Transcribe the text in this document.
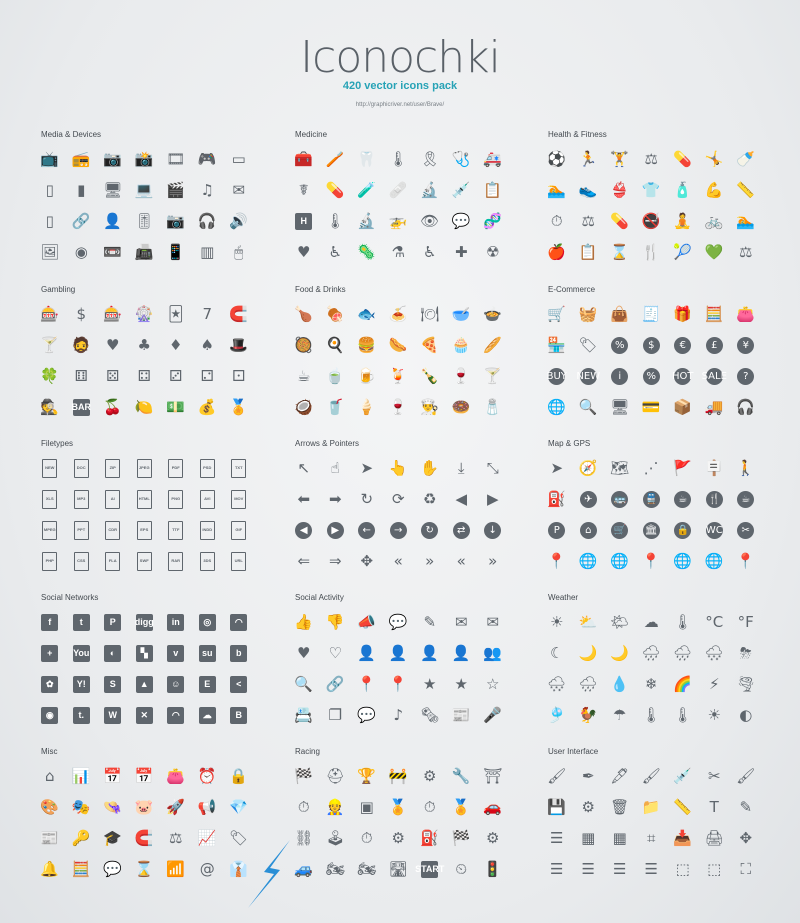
Iconochki
420 vector icons pack
http://graphicriver.net/user/Brave/
Media & Devices
📺 📻 📷 📸 🎞 🎮 ▭
▯ ▮ 🖥 💻 🎬 ♫ ✉
▯ 🔗 👤 🎚 📷 🎧 🔊
🖼 ◉ 📼 📠 📱 ▥ 🖱
Medicine
🧰 🪥 🦷 🌡 🎗 🩺 🚑
☤ 💊 🧪 🩹 🔬 💉 📋
H	🌡 🔬 🚁 👁 💬 🧬
♥ ♿ 🦠 ⚗ ♿ ✚ ☢
Health & Fitness
⚽ 🏃 🏋 ⚖ 💊 🤸 🍼
🏊 👟 👙 👕 🧴 💪 📏
⏱ ⚖ 💊 🚭 🧘 🚲 🏊
🍎 📋 ⌛ 🍴 🎾 💚 ⚖
Gambling
🎰 $ 🎰 🎡 🃏 7 🧲
🍸 🧔 ♥ ♣ ♦ ♠ 🎩
🍀 ⚅ ⚄ ⚃ ⚂ ⚁ ⚀
🕵 BAR 🍒 🍋 💵 💰 🏅
Food & Drinks
🍗 🍖 🐟 🍝 🍽 🥣 🍲
🥘 🍳 🍔 🌭 🍕 🧁 🥖
☕ 🍵 🍺 🍹 🍾 🍷 🍸
🥥 🥤 🍦 🍷 👨‍🍳 🍩 🧂
E-Commerce
🛒 🧺 👜 🧾 🎁 🧮 👛
🏪 🏷	%	$	€	£	¥
BUY NEW	i	%	HOT SALE	?
🌐 🔍 🖥 💳 📦 🚚 🎧
Filetypes
NEW	DOC	ZIP	JPEG	PDF	PSD	TXT
XLS	MP3	AI	HTML	PNG	AVI	MOV
MPEG	PPT	CDR	EPS	TTF	INDD	GIF
PHP	CSS	FLA	SWF	RAR	3DS	URL
Arrows & Pointers
↖ ☝ ➤ 👆 ✋	⤓	⤡
⬅ ➡ ↻ ⟳ ♻ ◀ ▶
◀	▶	←	→	↻	⇄	↓
⇐ ⇒ ✥ « » « »
Map & GPS
➤ 🧭 🗺 ⋰ 🚩 🪧 🚶
⛽	✈	🚌 🚆	☕	🍴	☕
P	⌂	🛒 🏛 🔒 WC	✂
📍 🌐 🌐 📍 🌐 🌐 📍
Social Networks
f	t	P	digg	in	◎	◠
+	You	◐	▚	v	su	b
✿	Y!	S	▲	☺	E	<
◉	t.	W	✕	◠	☁	B
Social Activity
👍 👎 📣 💬 ✎ ✉ ✉
♥ ♡ 👤 👤 👤 👤 👥
🔍 🔗 📍 📍 ★ ★ ☆
📇 ❐ 💬 ♪ 🗞 📰 🎤
Weather
☀ ⛅ 🌤 ☁ 🌡 °C °F
☾ 🌙 🌙 🌧 🌧 🌨 ⛈
🌨 🌧 💧 ❄ 🌈 ⚡ 🌪
🎐 🐓 ☂ 🌡 🌡 ☀ ◐
Misc
⌂ 📊 📅 📅 👛 ⏰ 🔒
🎨 🎭 👒 🐷 🚀 📢 💎
📰 🔑 🎓 🧲 ⚖ 📈 🏷
🔔 🧮 💬 ⌛ 📶 @ 👔
Racing
🏁 ⛑ 🏆 🚧 ⚙ 🔧 ⛩
⏱ 👷 ▣ 🏅 ⏱ 🏅 🚗
⛓ 🕹 ⏱ ⚙ ⛽ 🏁 ⚙
🚙 🏍 🏍 🛣 START ⏲ 🚦
User Interface
🖌 ✒ 🖋 🖌 💉 ✂ 🖌
💾 ⚙ 🗑 📁 📏 T ✎
☰ ▦ ▦ ⌗ 📥 🖨 ✥
☰ ☰ ☰ ☰ ⬚ ⬚ ⛶
